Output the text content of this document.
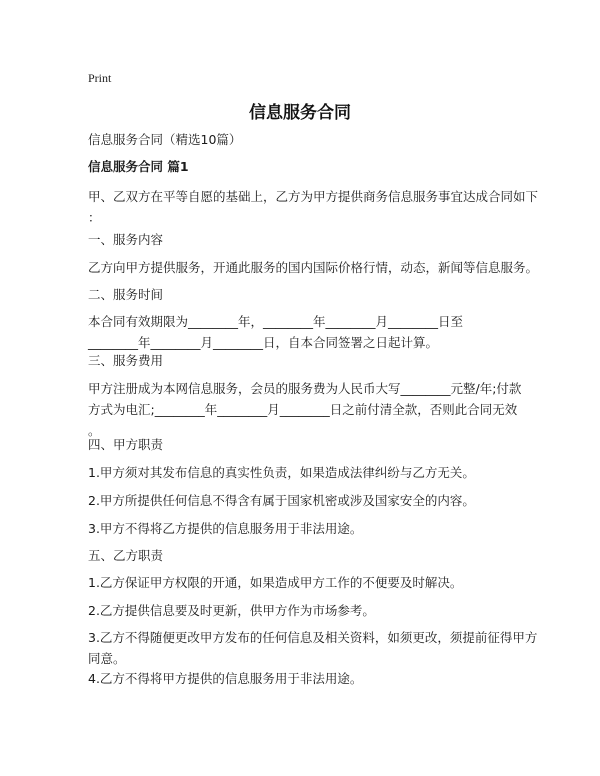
Print
信息服务合同
信息服务合同（精选10篇）
信息服务合同 篇1
甲、乙双方在平等自愿的基础上，乙方为甲方提供商务信息服务事宜达成合同如下
：
一、服务内容
乙方向甲方提供服务，开通此服务的国内国际价格行情，动态，新闻等信息服务。
二、服务时间
本合同有效期限为________年，________年________月________日至
________年________月________日，自本合同签署之日起计算。
三、服务费用
甲方注册成为本网信息服务，会员的服务费为人民币大写________元整/年;付款
方式为电汇;________年________月________日之前付清全款，否则此合同无效
。
四、甲方职责
1.甲方须对其发布信息的真实性负责，如果造成法律纠纷与乙方无关。
2.甲方所提供任何信息不得含有属于国家机密或涉及国家安全的内容。
3.甲方不得将乙方提供的信息服务用于非法用途。
五、乙方职责
1.乙方保证甲方权限的开通，如果造成甲方工作的不便要及时解决。
2.乙方提供信息要及时更新，供甲方作为市场参考。
3.乙方不得随便更改甲方发布的任何信息及相关资料，如须更改，须提前征得甲方
同意。
4.乙方不得将甲方提供的信息服务用于非法用途。
